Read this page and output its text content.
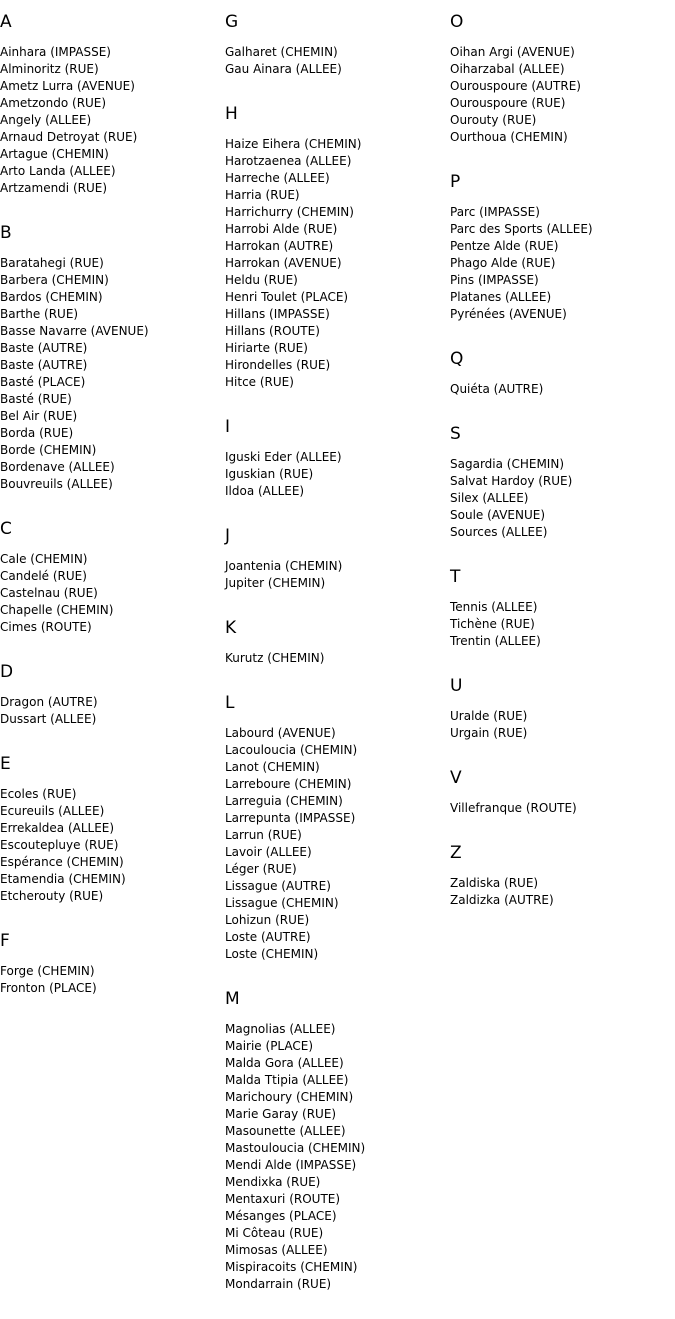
A
Ainhara (IMPASSE)
Alminoritz (RUE)
Ametz Lurra (AVENUE)
Ametzondo (RUE)
Angely (ALLEE)
Arnaud Detroyat (RUE)
Artague (CHEMIN)
Arto Landa (ALLEE)
Artzamendi (RUE)
B
Baratahegi (RUE)
Barbera (CHEMIN)
Bardos (CHEMIN)
Barthe (RUE)
Basse Navarre (AVENUE)
Baste (AUTRE)
Baste (AUTRE)
Basté (PLACE)
Basté (RUE)
Bel Air (RUE)
Borda (RUE)
Borde (CHEMIN)
Bordenave (ALLEE)
Bouvreuils (ALLEE)
C
Cale (CHEMIN)
Candelé (RUE)
Castelnau (RUE)
Chapelle (CHEMIN)
Cimes (ROUTE)
D
Dragon (AUTRE)
Dussart (ALLEE)
E
Ecoles (RUE)
Ecureuils (ALLEE)
Errekaldea (ALLEE)
Escoutepluye (RUE)
Espérance (CHEMIN)
Etamendia (CHEMIN)
Etcherouty (RUE)
F
Forge (CHEMIN)
Fronton (PLACE)
G
Galharet (CHEMIN)
Gau Ainara (ALLEE)
H
Haize Eihera (CHEMIN)
Harotzaenea (ALLEE)
Harreche (ALLEE)
Harria (RUE)
Harrichurry (CHEMIN)
Harrobi Alde (RUE)
Harrokan (AUTRE)
Harrokan (AVENUE)
Heldu (RUE)
Henri Toulet (PLACE)
Hillans (IMPASSE)
Hillans (ROUTE)
Hiriarte (RUE)
Hirondelles (RUE)
Hitce (RUE)
I
Iguski Eder (ALLEE)
Iguskian (RUE)
Ildoa (ALLEE)
J
Joantenia (CHEMIN)
Jupiter (CHEMIN)
K
Kurutz (CHEMIN)
L
Labourd (AVENUE)
Lacouloucia (CHEMIN)
Lanot (CHEMIN)
Larreboure (CHEMIN)
Larreguia (CHEMIN)
Larrepunta (IMPASSE)
Larrun (RUE)
Lavoir (ALLEE)
Léger (RUE)
Lissague (AUTRE)
Lissague (CHEMIN)
Lohizun (RUE)
Loste (AUTRE)
Loste (CHEMIN)
M
Magnolias (ALLEE)
Mairie (PLACE)
Malda Gora (ALLEE)
Malda Ttipia (ALLEE)
Marichoury (CHEMIN)
Marie Garay (RUE)
Masounette (ALLEE)
Mastouloucia (CHEMIN)
Mendi Alde (IMPASSE)
Mendixka (RUE)
Mentaxuri (ROUTE)
Mésanges (PLACE)
Mi Côteau (RUE)
Mimosas (ALLEE)
Mispiracoits (CHEMIN)
Mondarrain (RUE)
O
Oihan Argi (AVENUE)
Oiharzabal (ALLEE)
Ourouspoure (AUTRE)
Ourouspoure (RUE)
Ourouty (RUE)
Ourthoua (CHEMIN)
P
Parc (IMPASSE)
Parc des Sports (ALLEE)
Pentze Alde (RUE)
Phago Alde (RUE)
Pins (IMPASSE)
Platanes (ALLEE)
Pyrénées (AVENUE)
Q
Quiéta (AUTRE)
S
Sagardia (CHEMIN)
Salvat Hardoy (RUE)
Silex (ALLEE)
Soule (AVENUE)
Sources (ALLEE)
T
Tennis (ALLEE)
Tichène (RUE)
Trentin (ALLEE)
U
Uralde (RUE)
Urgain (RUE)
V
Villefranque (ROUTE)
Z
Zaldiska (RUE)
Zaldizka (AUTRE)
